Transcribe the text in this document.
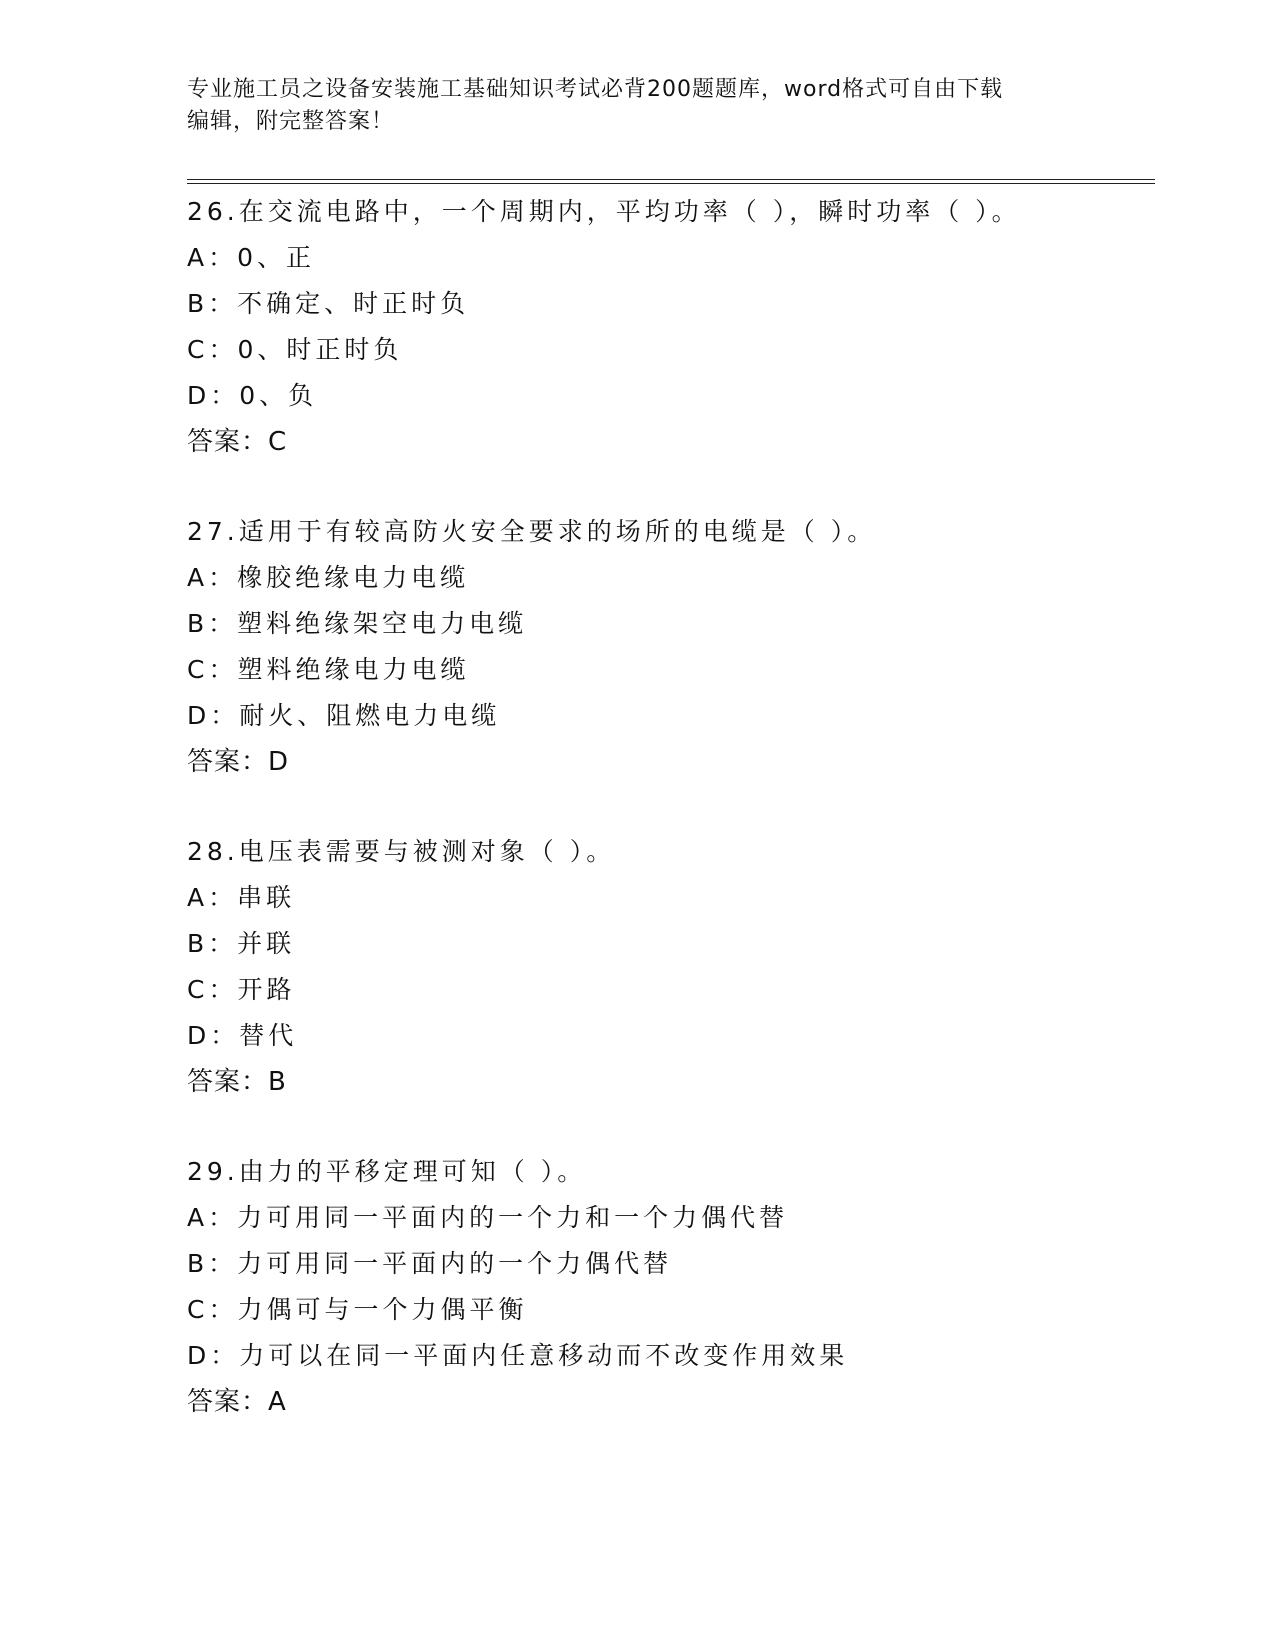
专业施工员之设备安装施工基础知识考试必背200题题库，word格式可自由下载
编辑，附完整答案！
26.在交流电路中，一个周期内，平均功率（ ），瞬时功率（ ）。
A：0、正
B：不确定、时正时负
C：0、时正时负
D：0、负
答案：C
27.适用于有较高防火安全要求的场所的电缆是（ ）。
A：橡胶绝缘电力电缆
B：塑料绝缘架空电力电缆
C：塑料绝缘电力电缆
D：耐火、阻燃电力电缆
答案：D
28.电压表需要与被测对象（ ）。
A：串联
B：并联
C：开路
D：替代
答案：B
29.由力的平移定理可知（ ）。
A：力可用同一平面内的一个力和一个力偶代替
B：力可用同一平面内的一个力偶代替
C：力偶可与一个力偶平衡
D：力可以在同一平面内任意移动而不改变作用效果
答案：A
